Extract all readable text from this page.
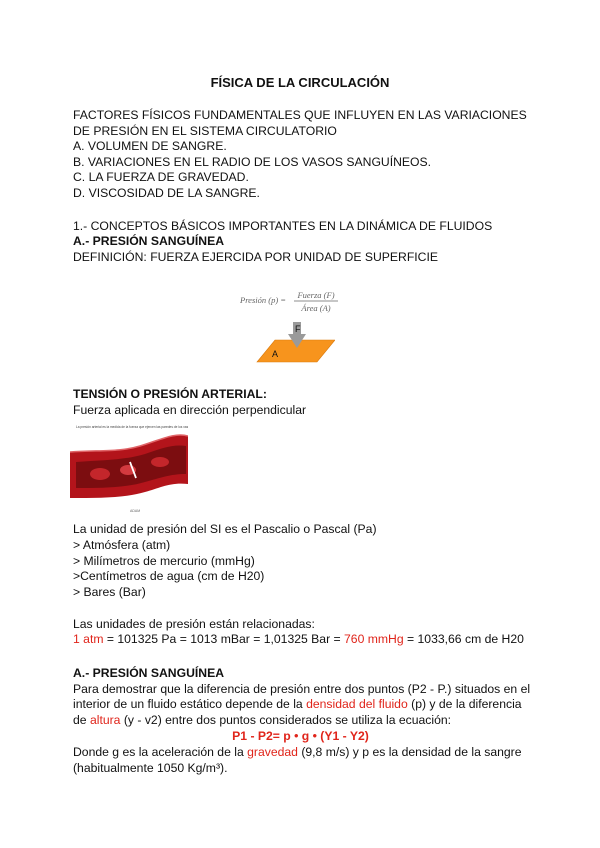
FÍSICA DE LA CIRCULACIÓN
FACTORES FÍSICOS FUNDAMENTALES QUE INFLUYEN EN LAS VARIACIONES
DE PRESIÓN EN EL SISTEMA CIRCULATORIO
A. VOLUMEN DE SANGRE.
B. VARIACIONES EN EL RADIO DE LOS VASOS SANGUÍNEOS.
C. LA FUERZA DE GRAVEDAD.
D. VISCOSIDAD DE LA SANGRE.
1.- CONCEPTOS BÁSICOS IMPORTANTES EN LA DINÁMICA DE FLUIDOS
A.- PRESIÓN SANGUÍNEA
DEFINICIÓN: FUERZA EJERCIDA POR UNIDAD DE SUPERFICIE
Presión (p) = Fuerza (F)
Área (A)
F
A
TENSIÓN O PRESIÓN ARTERIAL:
Fuerza aplicada en dirección perpendicular
La presión arterial es la medida de la fuerza que ejercen las paredes de los vasos
ADAM
La unidad de presión del SI es el Pascalio o Pascal (Pa)
> Atmósfera (atm)
> Milímetros de mercurio (mmHg)
>Centímetros de agua (cm de H20)
> Bares (Bar)
Las unidades de presión están relacionadas:
1 atm = 101325 Pa = 1013 mBar = 1,01325 Bar = 760 mmHg = 1033,66 cm de H20
A.- PRESIÓN SANGUÍNEA
Para demostrar que la diferencia de presión entre dos puntos (P2 - P.) situados en el
interior de un fluido estático depende de la densidad del fluido (p) y de la diferencia
de altura (y - v2) entre dos puntos considerados se utiliza la ecuación:
P1 - P2= p • g • (Y1 - Y2)
Donde g es la aceleración de la gravedad (9,8 m/s) y p es la densidad de la sangre
(habitualmente 1050 Kg/m³).
